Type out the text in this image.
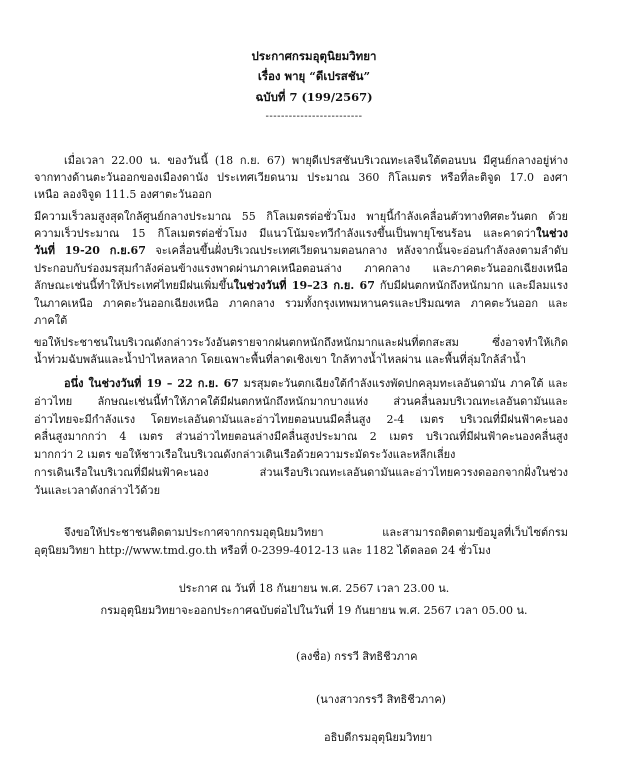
ประกาศกรมอุตุนิยมวิทยา
เรื่อง พายุ “ดีเปรสชัน”
ฉบับที่ 7 (199/2567)
-------------------------
เมื่อเวลา 22.00 น. ของวันนี้ (18 ก.ย. 67) พายุดีเปรสชันบริเวณทะเลจีนใต้ตอนบน มีศูนย์กลางอยู่ห่าง
จากทางด้านตะวันออกของเมืองดานัง ประเทศเวียดนาม ประมาณ 360 กิโลเมตร หรือที่ละติจูด 17.0 องศา
เหนือ ลองจิจูด 111.5 องศาตะวันออก
มีความเร็วลมสูงสุดใกล้ศูนย์กลางประมาณ 55 กิโลเมตรต่อชั่วโมง พายุนี้กำลังเคลื่อนตัวทางทิศตะวันตก ด้วย
ความเร็วประมาณ 15 กิโลเมตรต่อชั่วโมง มีแนวโน้มจะทวีกำลังแรงขึ้นเป็นพายุโซนร้อน และคาดว่าในช่วง
วันที่ 19-20 ก.ย.67 จะเคลื่อนขึ้นฝั่งบริเวณประเทศเวียดนามตอนกลาง หลังจากนั้นจะอ่อนกำลังลงตามลำดับ
ประกอบกับร่องมรสุมกำลังค่อนข้างแรงพาดผ่านภาคเหนือตอนล่าง ภาคกลาง และภาคตะวันออกเฉียงเหนือ
ลักษณะเช่นนี้ทำให้ประเทศไทยมีฝนเพิ่มขึ้นในช่วงวันที่ 19–23 ก.ย. 67 กับมีฝนตกหนักถึงหนักมาก และมีลมแรง
ในภาคเหนือ ภาคตะวันออกเฉียงเหนือ ภาคกลาง รวมทั้งกรุงเทพมหานครและปริมณฑล ภาคตะวันออก และ
ภาคใต้
ขอให้ประชาชนในบริเวณดังกล่าวระวังอันตรายจากฝนตกหนักถึงหนักมากและฝนที่ตกสะสม ซึ่งอาจทำให้เกิด
น้ำท่วมฉับพลันและน้ำป่าไหลหลาก โดยเฉพาะพื้นที่ลาดเชิงเขา ใกล้ทางน้ำไหลผ่าน และพื้นที่ลุ่มใกล้ลำน้ำ
อนึ่ง ในช่วงวันที่ 19 – 22 ก.ย. 67 มรสุมตะวันตกเฉียงใต้กำลังแรงพัดปกคลุมทะเลอันดามัน ภาคใต้ และ
อ่าวไทย ลักษณะเช่นนี้ทำให้ภาคใต้มีฝนตกหนักถึงหนักมากบางแห่ง ส่วนคลื่นลมบริเวณทะเลอันดามันและ
อ่าวไทยจะมีกำลังแรง โดยทะเลอันดามันและอ่าวไทยตอนบนมีคลื่นสูง 2-4 เมตร บริเวณที่มีฝนฟ้าคะนอง
คลื่นสูงมากกว่า 4 เมตร ส่วนอ่าวไทยตอนล่างมีคลื่นสูงประมาณ 2 เมตร บริเวณที่มีฝนฟ้าคะนองคลื่นสูง
มากกว่า 2 เมตร ขอให้ชาวเรือในบริเวณดังกล่าวเดินเรือด้วยความระมัดระวังและหลีกเลี่ยง
การเดินเรือในบริเวณที่มีฝนฟ้าคะนอง ส่วนเรือบริเวณทะเลอันดามันและอ่าวไทยควรงดออกจากฝั่งในช่วง
วันและเวลาดังกล่าวไว้ด้วย
จึงขอให้ประชาชนติดตามประกาศจากกรมอุตุนิยมวิทยา และสามารถติดตามข้อมูลที่เว็บไซต์กรม
อุตุนิยมวิทยา http://www.tmd.go.th หรือที่ 0-2399-4012-13 และ 1182 ได้ตลอด 24 ชั่วโมง
ประกาศ ณ วันที่ 18 กันยายน พ.ศ. 2567 เวลา 23.00 น.
กรมอุตุนิยมวิทยาจะออกประกาศฉบับต่อไปในวันที่ 19 กันยายน พ.ศ. 2567 เวลา 05.00 น.
(ลงชื่อ) กรรวี สิทธิชีวภาค
(นางสาวกรรวี สิทธิชีวภาค)
อธิบดีกรมอุตุนิยมวิทยา
